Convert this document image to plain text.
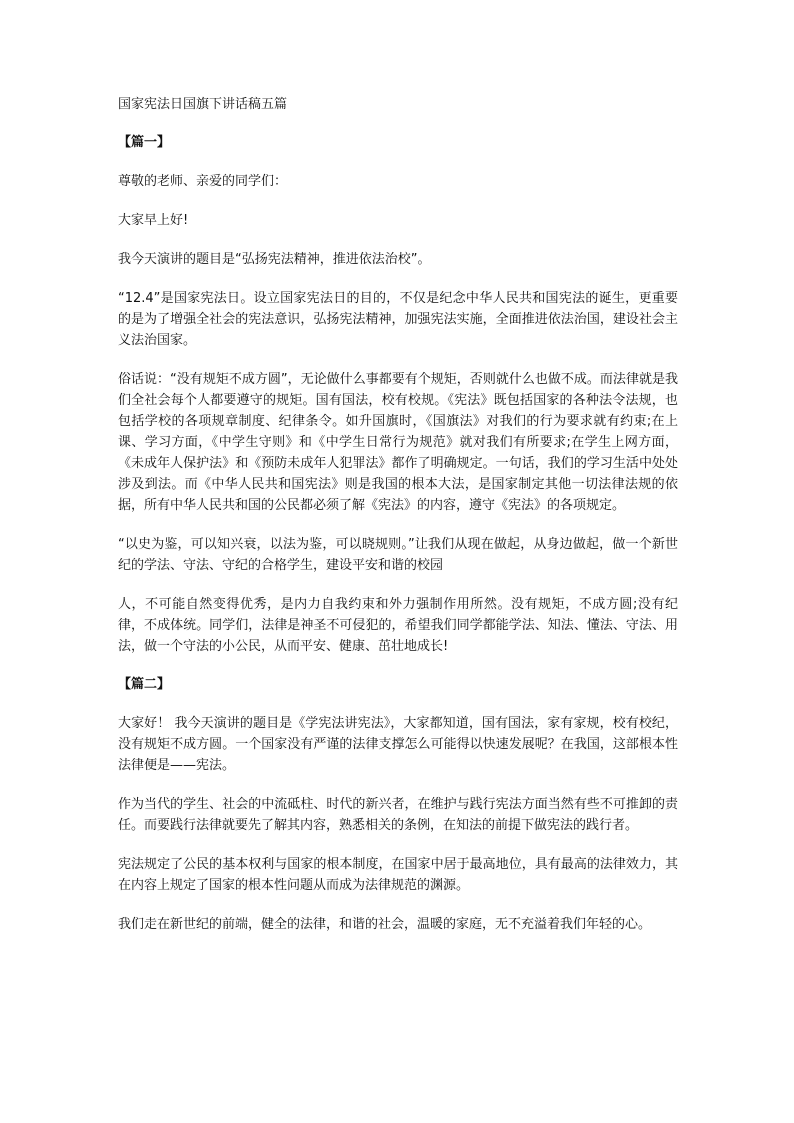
国家宪法日国旗下讲话稿五篇
【篇一】

尊敬的老师、亲爱的同学们：

大家早上好!

我今天演讲的题目是“弘扬宪法精神，推进依法治校”。

“12.4”是国家宪法日。设立国家宪法日的目的，不仅是纪念中华人民共和国宪法的诞生，更重要的是为了增强全社会的宪法意识，弘扬宪法精神，加强宪法实施，全面推进依法治国，建设社会主义法治国家。

俗话说：“没有规矩不成方圆”，无论做什么事都要有个规矩，否则就什么也做不成。而法律就是我们全社会每个人都要遵守的规矩。国有国法，校有校规。《宪法》既包括国家的各种法令法规，也包括学校的各项规章制度、纪律条令。如升国旗时，《国旗法》对我们的行为要求就有约束;在上课、学习方面，《中学生守则》和《中学生日常行为规范》就对我们有所要求;在学生上网方面，《未成年人保护法》和《预防未成年人犯罪法》都作了明确规定。一句话，我们的学习生活中处处涉及到法。而《中华人民共和国宪法》则是我国的根本大法，是国家制定其他一切法律法规的依据，所有中华人民共和国的公民都必须了解《宪法》的内容，遵守《宪法》的各项规定。

“以史为鉴，可以知兴衰，以法为鉴，可以晓规则。”让我们从现在做起，从身边做起，做一个新世纪的学法、守法、守纪的合格学生，建设平安和谐的校园

人，不可能自然变得优秀，是内力自我约束和外力强制作用所然。没有规矩，不成方圆;没有纪律，不成体统。同学们，法律是神圣不可侵犯的，希望我们同学都能学法、知法、懂法、守法、用法，做一个守法的小公民，从而平安、健康、茁壮地成长!

【篇二】

大家好！ 我今天演讲的题目是《学宪法讲宪法》，大家都知道，国有国法，家有家规，校有校纪，没有规矩不成方圆。一个国家没有严谨的法律支撑怎么可能得以快速发展呢？在我国，这部根本性法律便是——宪法。

作为当代的学生、社会的中流砥柱、时代的新兴者，在维护与践行宪法方面当然有些不可推卸的责任。而要践行法律就要先了解其内容，熟悉相关的条例，在知法的前提下做宪法的践行者。

宪法规定了公民的基本权利与国家的根本制度，在国家中居于最高地位，具有最高的法律效力，其在内容上规定了国家的根本性问题从而成为法律规范的渊源。

我们走在新世纪的前端，健全的法律，和谐的社会，温暖的家庭，无不充溢着我们年轻的心。
